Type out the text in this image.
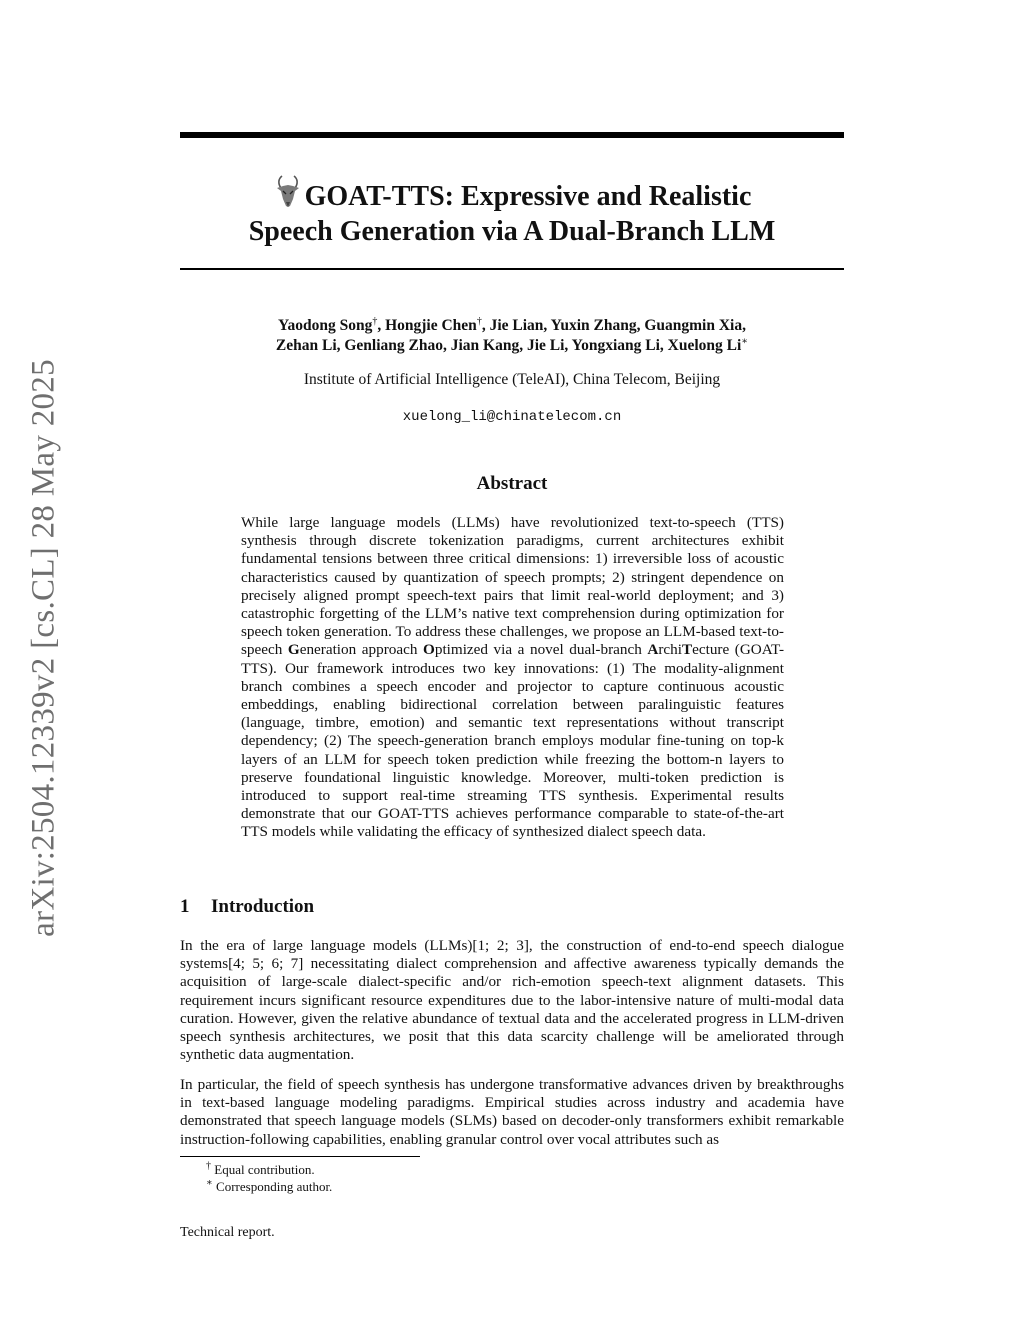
arXiv:2504.12339v2 [cs.CL] 28 May 2025
GOAT-TTS: Expressive and Realistic
Speech Generation via A Dual-Branch LLM
Yaodong Song†, Hongjie Chen†, Jie Lian, Yuxin Zhang, Guangmin Xia,
Zehan Li, Genliang Zhao, Jian Kang, Jie Li, Yongxiang Li, Xuelong Li∗
Institute of Artificial Intelligence (TeleAI), China Telecom, Beijing
xuelong_li@chinatelecom.cn
Abstract
While large language models (LLMs) have revolutionized text-to-speech (TTS) synthesis through discrete tokenization paradigms, current architectures exhibit fundamental tensions between three critical dimensions: 1) irreversible loss of acoustic characteristics caused by quantization of speech prompts; 2) stringent dependence on precisely aligned prompt speech-text pairs that limit real-world deployment; and 3) catastrophic forgetting of the LLM’s native text comprehension during optimization for speech token generation. To address these challenges, we propose an LLM-based text-to-speech Generation approach Optimized via a novel dual-branch ArchiTecture (GOAT-TTS). Our framework introduces two key innovations: (1) The modality-alignment branch combines a speech encoder and projector to capture continuous acoustic embeddings, enabling bidirectional correlation between paralinguistic features (language, timbre, emotion) and semantic text representations without transcript dependency; (2) The speech-generation branch employs modular fine-tuning on top-k layers of an LLM for speech token prediction while freezing the bottom-n layers to preserve foundational linguistic knowledge. Moreover, multi-token prediction is introduced to support real-time streaming TTS synthesis. Experimental results demonstrate that our GOAT-TTS achieves performance comparable to state-of-the-art TTS models while validating the efficacy of synthesized dialect speech data.
1 Introduction
In the era of large language models (LLMs)[1; 2; 3], the construction of end-to-end speech dialogue systems[4; 5; 6; 7] necessitating dialect comprehension and affective awareness typically demands the acquisition of large-scale dialect-specific and/or rich-emotion speech-text alignment datasets. This requirement incurs significant resource expenditures due to the labor-intensive nature of multi-modal data curation. However, given the relative abundance of textual data and the accelerated progress in LLM-driven speech synthesis architectures, we posit that this data scarcity challenge will be ameliorated through synthetic data augmentation.
In particular, the field of speech synthesis has undergone transformative advances driven by breakthroughs in text-based language modeling paradigms. Empirical studies across industry and academia have demonstrated that speech language models (SLMs) based on decoder-only transformers exhibit remarkable instruction-following capabilities, enabling granular control over vocal attributes such as
† Equal contribution.
∗ Corresponding author.
Technical report.
